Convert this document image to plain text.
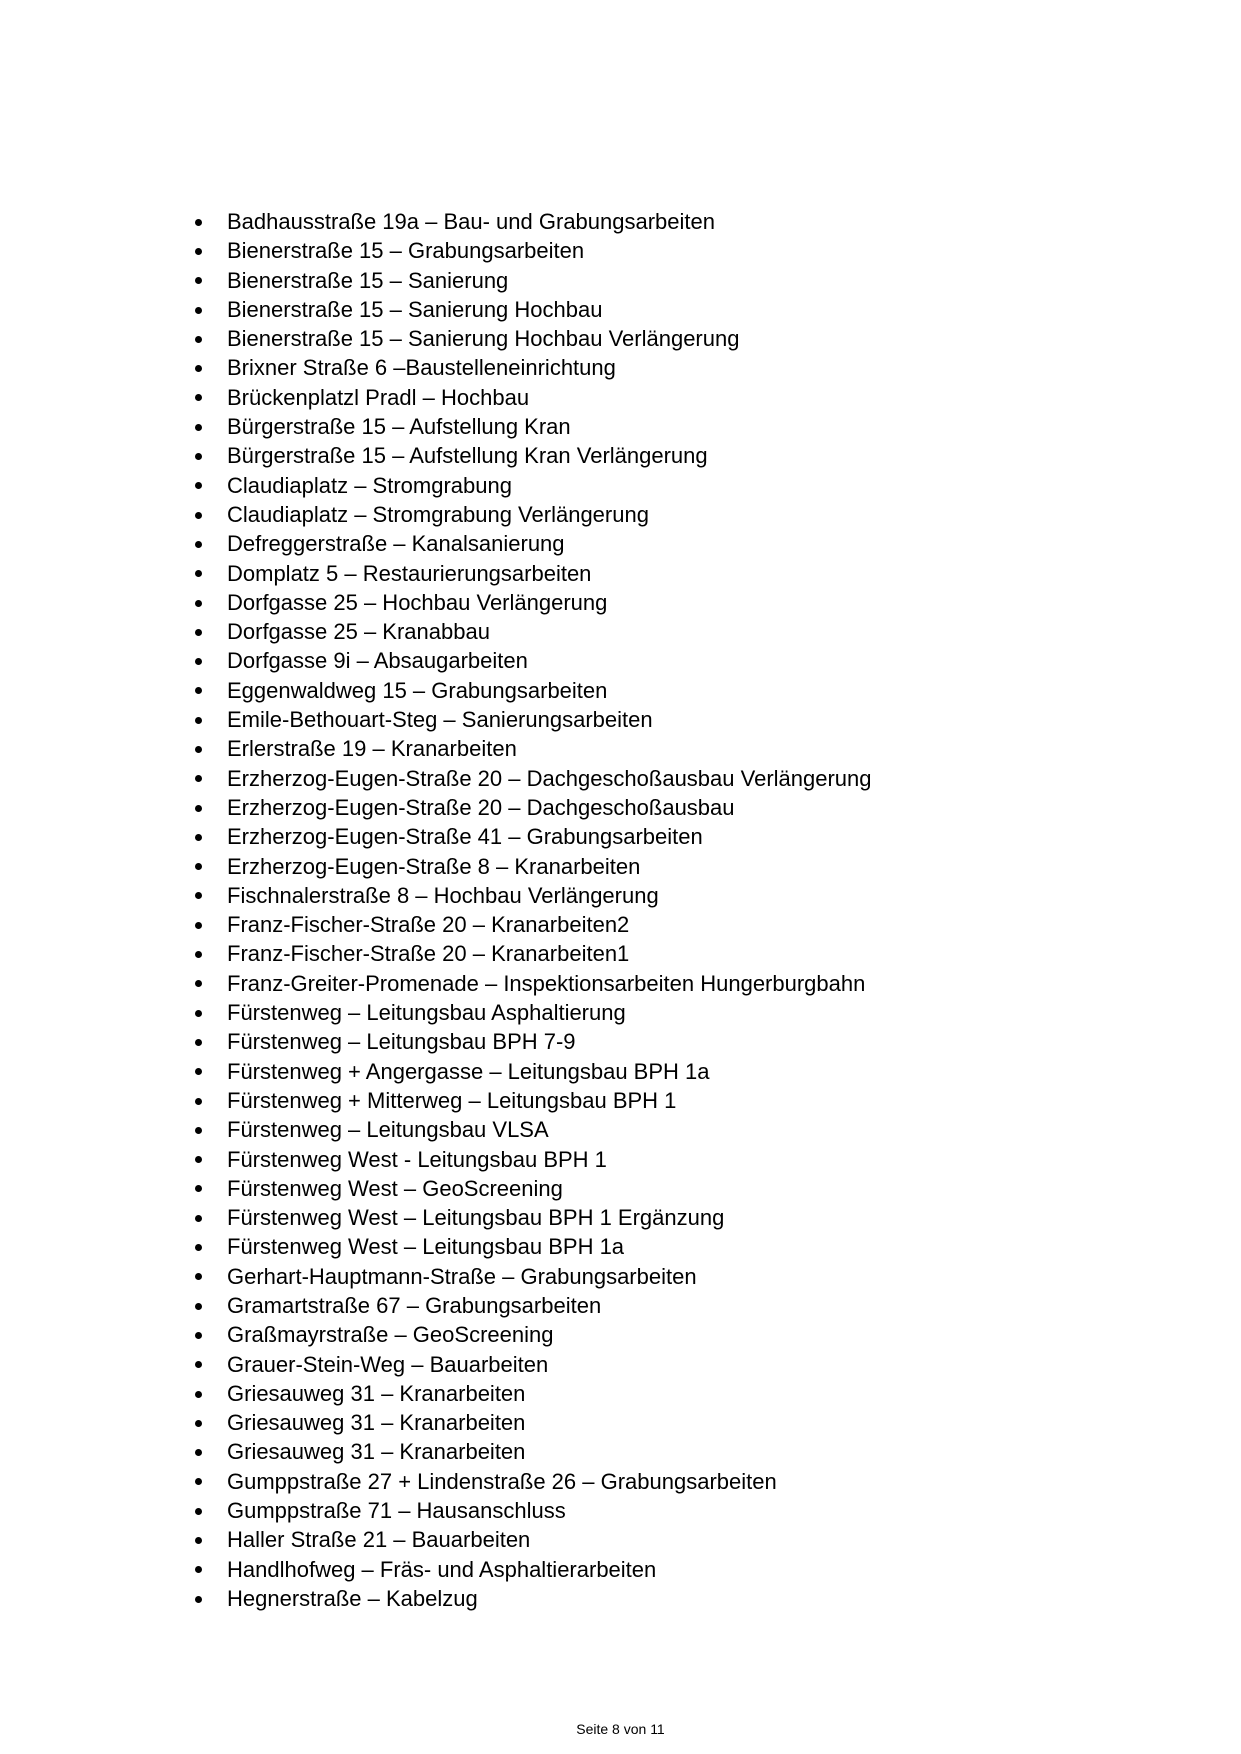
Badhausstraße 19a – Bau- und Grabungsarbeiten
Bienerstraße 15 – Grabungsarbeiten
Bienerstraße 15 – Sanierung
Bienerstraße 15 – Sanierung Hochbau
Bienerstraße 15 – Sanierung Hochbau Verlängerung
Brixner Straße 6 –Baustelleneinrichtung
Brückenplatzl Pradl – Hochbau
Bürgerstraße 15 – Aufstellung Kran
Bürgerstraße 15 – Aufstellung Kran Verlängerung
Claudiaplatz – Stromgrabung
Claudiaplatz – Stromgrabung Verlängerung
Defreggerstraße – Kanalsanierung
Domplatz 5 – Restaurierungsarbeiten
Dorfgasse 25 – Hochbau Verlängerung
Dorfgasse 25 – Kranabbau
Dorfgasse 9i – Absaugarbeiten
Eggenwaldweg 15 – Grabungsarbeiten
Emile-Bethouart-Steg – Sanierungsarbeiten
Erlerstraße 19 – Kranarbeiten
Erzherzog-Eugen-Straße 20 – Dachgeschoßausbau Verlängerung
Erzherzog-Eugen-Straße 20 – Dachgeschoßausbau
Erzherzog-Eugen-Straße 41 – Grabungsarbeiten
Erzherzog-Eugen-Straße 8 – Kranarbeiten
Fischnalerstraße 8 – Hochbau Verlängerung
Franz-Fischer-Straße 20 – Kranarbeiten2
Franz-Fischer-Straße 20 – Kranarbeiten1
Franz-Greiter-Promenade – Inspektionsarbeiten Hungerburgbahn
Fürstenweg – Leitungsbau Asphaltierung
Fürstenweg – Leitungsbau BPH 7-9
Fürstenweg + Angergasse – Leitungsbau BPH 1a
Fürstenweg + Mitterweg – Leitungsbau BPH 1
Fürstenweg – Leitungsbau VLSA
Fürstenweg West - Leitungsbau BPH 1
Fürstenweg West – GeoScreening
Fürstenweg West – Leitungsbau BPH 1 Ergänzung
Fürstenweg West – Leitungsbau BPH 1a
Gerhart-Hauptmann-Straße – Grabungsarbeiten
Gramartstraße 67 – Grabungsarbeiten
Graßmayrstraße – GeoScreening
Grauer-Stein-Weg – Bauarbeiten
Griesauweg 31 – Kranarbeiten
Griesauweg 31 – Kranarbeiten
Griesauweg 31 – Kranarbeiten
Gumppstraße 27 + Lindenstraße 26 – Grabungsarbeiten
Gumppstraße 71 – Hausanschluss
Haller Straße 21 – Bauarbeiten
Handlhofweg – Fräs- und Asphaltierarbeiten
Hegnerstraße – Kabelzug
Seite 8 von 11
